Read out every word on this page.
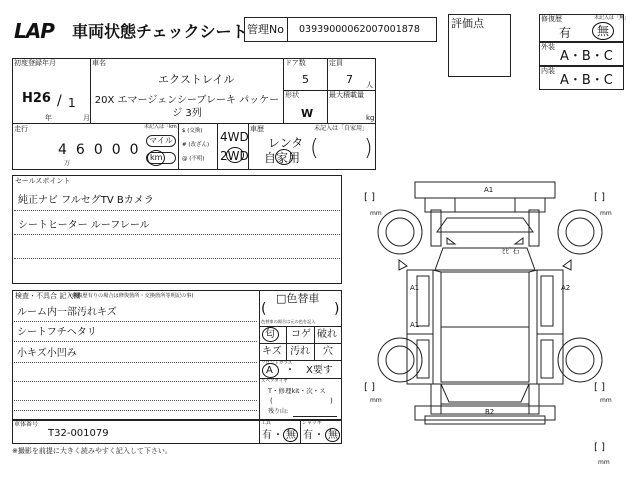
LAP 車両状態チェックシート 管理No 03939000062007001878	評価点	修復歴	未記入は「無」
有 無
外装
A・B・C
内装
A・B・C
初度登録年月
H26 / 1
年	月
車名
エクストレイル
20X エマージェンシーブレーキ パッケージ 3列
ドア数
5
定員
7 人
形状
W
最大積載量
kg
走行
46000
万
未記入は「km」
マイル
km
$ (交換)
# (改ざん)
@ (不明)
4WD
2WD
車歴	未記入は「自家用」
レンタ
自家用 ( )
セールスポイント
純正ナビ フルセグTV Bカメラ
シートヒーター ルーフレール
検査・不具合 記入欄
(修復歴有りの場合は修復箇所・交換箇所等明記の事)
ルーム内一部汚れキズ
シートフチヘタリ
小キズ小凹み
□色替車
(	)
色替車の場合は元の色を記入
匂 コゲ 破れ
キズ 汚れ 穴
フロントガラス
A ・ X要す
スペアタイヤ
T・修理kit・次・ス
(	)
残り山:
車体番号
T32-001079
工具
有 ・ 無
ジャッキ
有 ・ 無
※撮影を前提に大きく読みやすく記入して下さい。
A1
A1	A2
A1
B2
ﾋﾋﾞ石
[ ]
mm
[ ]
mm
[ ]
mm
[ ]
mm
[ ]
mm
